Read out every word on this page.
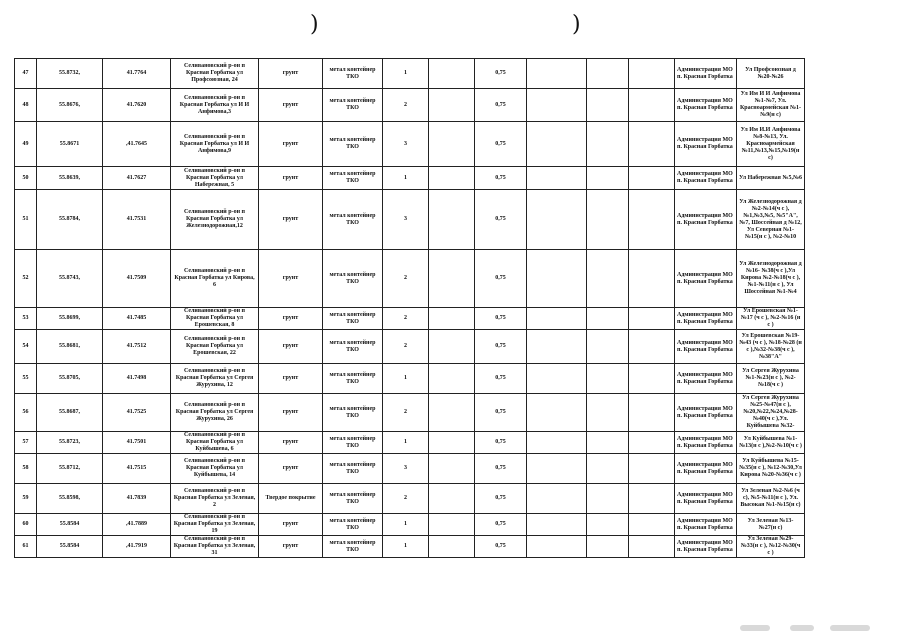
)	)
47	55.8732,	41.7764	Селивановский р-он п Красная Горбатка ул Профсоюзная, 24	грунт	метал контейнер ТКО	1		0,75				Администрация МО п. Красная Горбатка	Ул Профсоюзная д №20-№26
48	55.8676,	41.7620	Селивановский р-он п Красная Горбатка ул И И Анфимова,3	грунт	метал контейнер ТКО	2		0,75				Администрация МО п. Красная Горбатка	Ул Им И И Анфимова №1-№7, Ул. Красноармейская №1-№9(н с)
49	55.8671	,41.7645	Селивановский р-он п Красная Горбатка ул И И Анфимова,9	грунт	метал контейнер ТКО	3		0,75				Администрация МО п. Красная Горбатка	Ул Им И.И Анфимова №8-№13, Ул. Красноармейская №11,№13,№15,№19(н с)
50	55.8639,	41.7627	Селивановский р-он п Красная Горбатка ул Набережная, 5	грунт	метал контейнер ТКО	1		0,75				Администрация МО п. Красная Горбатка	Ул Набережная №5,№6
51	55.8784,	41.7531	Селивановский р-он п Красная Горбатка ул Железнодорожная,12	грунт	метал контейнер ТКО	3		0,75				Администрация МО п. Красная Горбатка	Ул Железнодорожная д №2-№14(ч с ),№1,№3,№5, №5"А",№7, Шоссейная д №12, Ул Северная №1-№15(н с ), №2-№10
52	55.8743,	41.7509	Селивановский р-он п Красная Горбатка ул Кирова, 6	грунт	метал контейнер ТКО	2		0,75				Администрация МО п. Красная Горбатка	Ул Железнодорожная д №16- №38(ч с ),Ул Кирова №2-№18(ч с ),№1-№11(н с ), Ул Шоссейная №1-№4
53	55.8699,	41.7485	Селивановский р-он п Красная Горбатка ул Ерошевская, 8	грунт	метал контейнер ТКО	2		0,75				Администрация МО п. Красная Горбатка	Ул Ерошевская №1-№17 (ч с ), №2-№16 (н с )
54	55.8681,	41.7512	Селивановский р-он п Красная Горбатка ул Ерошевская, 22	грунт	метал контейнер ТКО	2		0,75				Администрация МО п. Красная Горбатка	Ул Ерошевская №19-№43 (ч с ), №18-№28 (н с ),№32-№38(ч с ),№38"А"
55	55.8705,	41.7498	Селивановский р-он п Красная Горбатка ул Сергея Журухина, 12	грунт	метал контейнер ТКО	1		0,75				Администрация МО п. Красная Горбатка	Ул Сергея Журухина №1-№23(н с ), №2-№18(ч с )
56	55.8687,	41.7525	Селивановский р-он п Красная Горбатка ул Сергея Журухина, 26	грунт	метал контейнер ТКО	2		0,75				Администрация МО п. Красная Горбатка	Ул Сергея Журухина №25-№47(н с ), №20,№22,№24,№28-№40(ч с ),Ул. Куйбышева №32-
57	55.8723,	41.7501	Селивановский р-он п Красная Горбатка ул Куйбышева, 6	грунт	метал контейнер ТКО	1		0,75				Администрация МО п. Красная Горбатка	Ул Куйбышева №1-№13(н с ),№2-№10(ч с )
58	55.8712,	41.7515	Селивановский р-он п Красная Горбатка ул Куйбышева, 14	грунт	метал контейнер ТКО	3		0,75				Администрация МО п. Красная Горбатка	Ул Куйбышева №15-№35(н с ), №12-№30,Ул Кирова №20-№36(ч с )
59	55.8598,	41.7839	Селивановский р-он п Красная Горбатка ул Зеленая, 2	Твердое покрытие	метал контейнер ТКО	2		0,75				Администрация МО п. Красная Горбатка	Ул Зеленая №2-№6 (ч с), №5-№11(н с ), Ул. Высокая №1-№15(н с)
60	55.8584	,41.7889	Селивановский р-он п Красная Горбатка ул Зеленая, 19	грунт	метал контейнер ТКО	1		0,75				Администрация МО п. Красная Горбатка	Ул Зеленая №13-№27(н с)
61	55.8584	,41.7919	Селивановский р-он п Красная Горбатка ул Зеленая, 31	грунт	метал контейнер ТКО	1		0,75				Администрация МО п. Красная Горбатка	Ул Зеленая №29-№33(н с ), №12-№30(ч с )
